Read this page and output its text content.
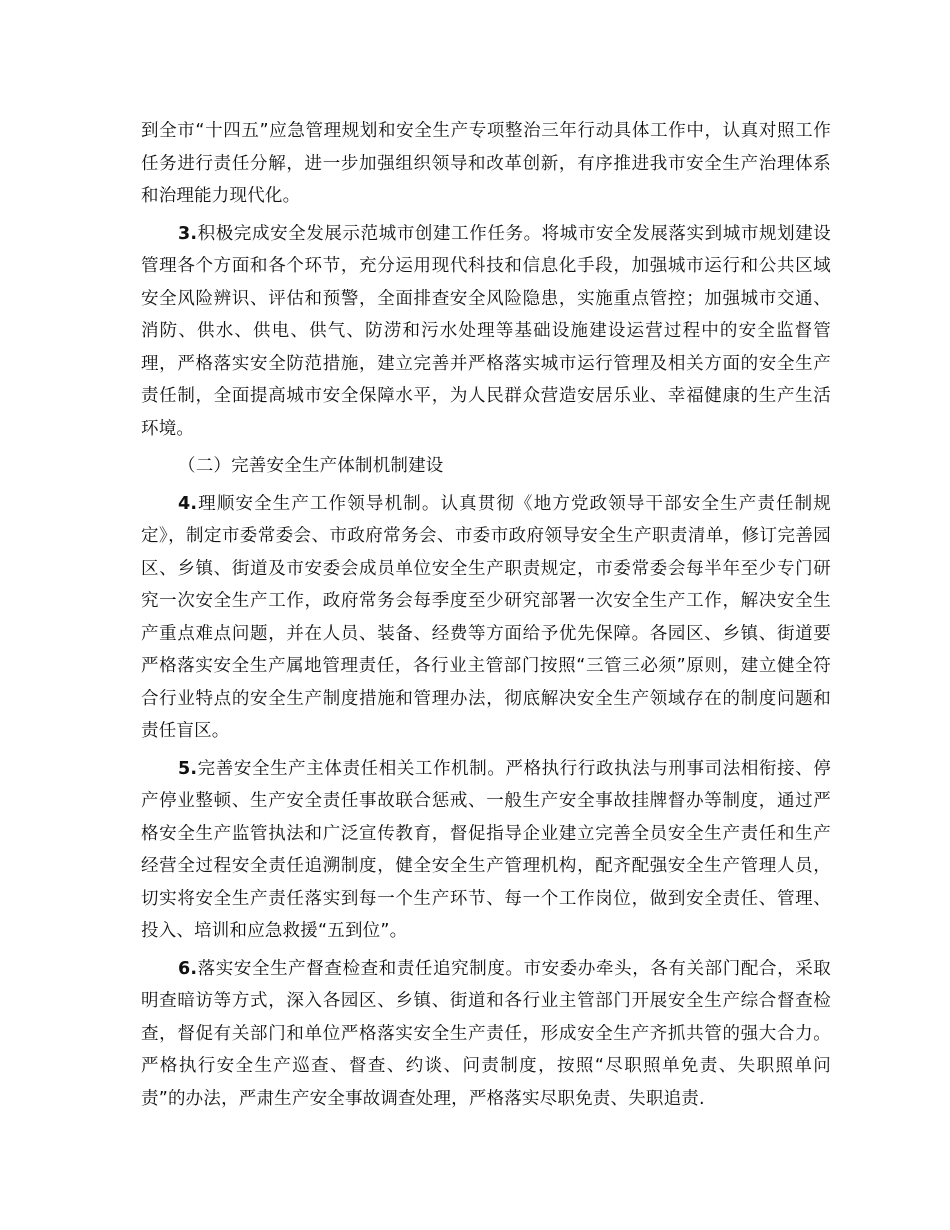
到全市“十四五”应急管理规划和安全生产专项整治三年行动具体工作中，认真对照工作任务进行责任分解，进一步加强组织领导和改革创新，有序推进我市安全生产治理体系和治理能力现代化。

3.积极完成安全发展示范城市创建工作任务。将城市安全发展落实到城市规划建设管理各个方面和各个环节，充分运用现代科技和信息化手段，加强城市运行和公共区域安全风险辨识、评估和预警，全面排查安全风险隐患，实施重点管控；加强城市交通、消防、供水、供电、供气、防涝和污水处理等基础设施建设运营过程中的安全监督管理，严格落实安全防范措施，建立完善并严格落实城市运行管理及相关方面的安全生产责任制，全面提高城市安全保障水平，为人民群众营造安居乐业、幸福健康的生产生活环境。

（二）完善安全生产体制机制建设

4.理顺安全生产工作领导机制。认真贯彻《地方党政领导干部安全生产责任制规定》，制定市委常委会、市政府常务会、市委市政府领导安全生产职责清单，修订完善园区、乡镇、街道及市安委会成员单位安全生产职责规定，市委常委会每半年至少专门研究一次安全生产工作，政府常务会每季度至少研究部署一次安全生产工作，解决安全生产重点难点问题，并在人员、装备、经费等方面给予优先保障。各园区、乡镇、街道要严格落实安全生产属地管理责任，各行业主管部门按照“三管三必须”原则，建立健全符合行业特点的安全生产制度措施和管理办法，彻底解决安全生产领域存在的制度问题和责任盲区。

5.完善安全生产主体责任相关工作机制。严格执行行政执法与刑事司法相衔接、停产停业整顿、生产安全责任事故联合惩戒、一般生产安全事故挂牌督办等制度，通过严格安全生产监管执法和广泛宣传教育，督促指导企业建立完善全员安全生产责任和生产经营全过程安全责任追溯制度，健全安全生产管理机构，配齐配强安全生产管理人员，切实将安全生产责任落实到每一个生产环节、每一个工作岗位，做到安全责任、管理、投入、培训和应急救援“五到位”。

6.落实安全生产督查检查和责任追究制度。市安委办牵头，各有关部门配合，采取明查暗访等方式，深入各园区、乡镇、街道和各行业主管部门开展安全生产综合督查检查，督促有关部门和单位严格落实安全生产责任，形成安全生产齐抓共管的强大合力。严格执行安全生产巡查、督查、约谈、问责制度，按照“尽职照单免责、失职照单问责”的办法，严肃生产安全事故调查处理，严格落实尽职免责、失职追责.
